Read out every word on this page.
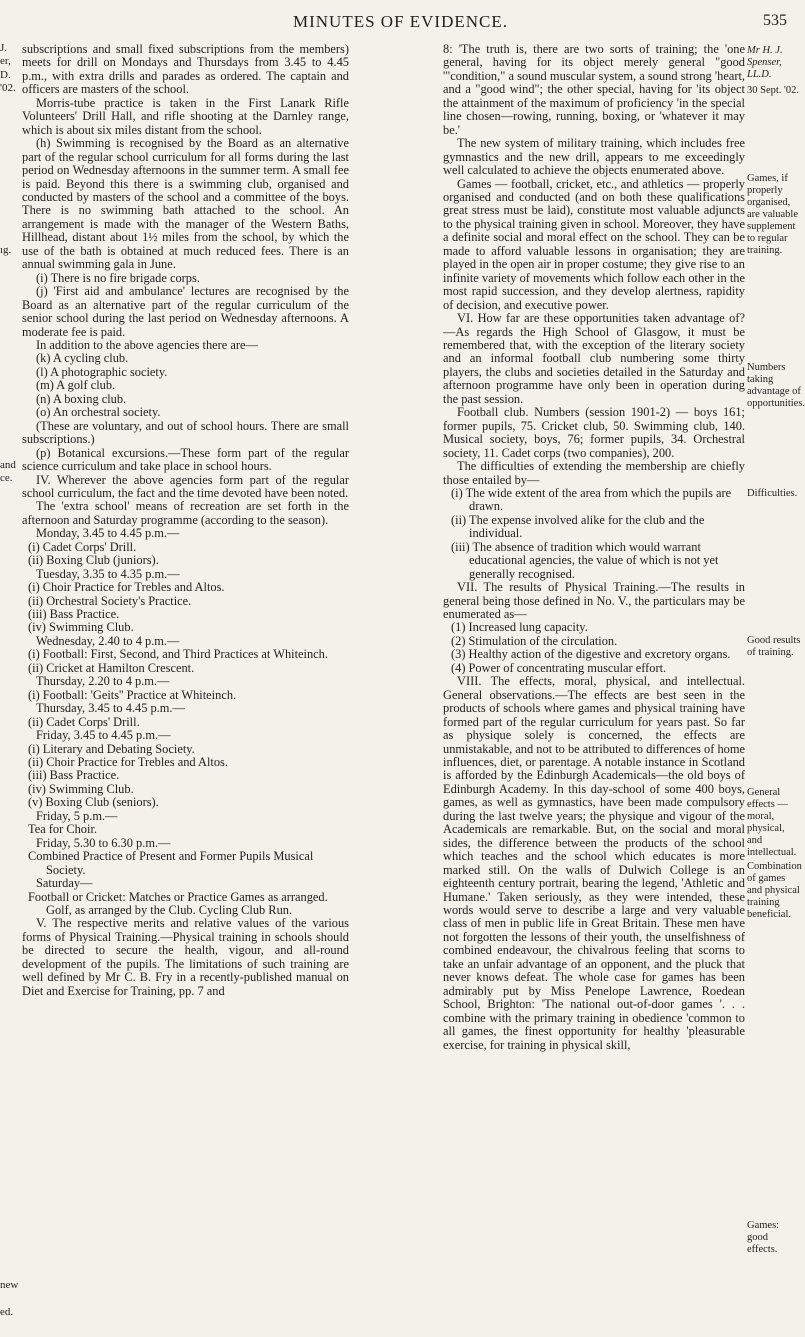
MINUTES OF EVIDENCE.	535
J.
er,
D.
'02.
ıg.
and
ce.
new
ed.

subscriptions and small fixed subscriptions from the members) meets for drill on Mondays and Thursdays from 3.45 to 4.45 p.m., with extra drills and parades as ordered. The captain and officers are masters of the school.

Morris-tube practice is taken in the First Lanark Rifle Volunteers' Drill Hall, and rifle shooting at the Darnley range, which is about six miles distant from the school.

(h) Swimming is recognised by the Board as an alternative part of the regular school curriculum for all forms during the last period on Wednesday afternoons in the summer term. A small fee is paid. Beyond this there is a swimming club, organised and conducted by masters of the school and a committee of the boys. There is no swimming bath attached to the school. An arrangement is made with the manager of the Western Baths, Hillhead, distant about 1½ miles from the school, by which the use of the bath is obtained at much reduced fees. There is an annual swimming gala in June.

(i) There is no fire brigade corps.

(j) 'First aid and ambulance' lectures are recognised by the Board as an alternative part of the regular curriculum of the senior school during the last period on Wednesday afternoons. A moderate fee is paid.

In addition to the above agencies there are—

(k) A cycling club.

(l) A photographic society.

(m) A golf club.

(n) A boxing club.

(o) An orchestral society.

(These are voluntary, and out of school hours. There are small subscriptions.)

(p) Botanical excursions.—These form part of the regular science curriculum and take place in school hours.

IV. Wherever the above agencies form part of the regular school curriculum, the fact and the time devoted have been noted.

The 'extra school' means of recreation are set forth in the afternoon and Saturday programme (according to the season).

Monday, 3.45 to 4.45 p.m.—

(i) Cadet Corps' Drill.

(ii) Boxing Club (juniors).

Tuesday, 3.35 to 4.35 p.m.—

(i) Choir Practice for Trebles and Altos.

(ii) Orchestral Society's Practice.

(iii) Bass Practice.

(iv) Swimming Club.

Wednesday, 2.40 to 4 p.m.—

(i) Football: First, Second, and Third Practices at Whiteinch.

(ii) Cricket at Hamilton Crescent.

Thursday, 2.20 to 4 p.m.—

(i) Football: 'Geits'' Practice at Whiteinch.

Thursday, 3.45 to 4.45 p.m.—

(ii) Cadet Corps' Drill.

Friday, 3.45 to 4.45 p.m.—

(i) Literary and Debating Society.

(ii) Choir Practice for Trebles and Altos.

(iii) Bass Practice.

(iv) Swimming Club.

(v) Boxing Club (seniors).

Friday, 5 p.m.—

Tea for Choir.

Friday, 5.30 to 6.30 p.m.—

Combined Practice of Present and Former Pupils Musical Society.

Saturday—

Football or Cricket: Matches or Practice Games as arranged. Golf, as arranged by the Club. Cycling Club Run.

V. The respective merits and relative values of the various forms of Physical Training.—Physical training in schools should be directed to secure the health, vigour, and all-round development of the pupils. The limitations of such training are well defined by Mr C. B. Fry in a recently-published manual on Diet and Exercise for Training, pp. 7 and

8: 'The truth is, there are two sorts of training; the 'one general, having for its object merely general "good '"condition," a sound muscular system, a sound strong 'heart, and a "good wind"; the other special, having for 'its object the attainment of the maximum of proficiency 'in the special line chosen—rowing, running, boxing, or 'whatever it may be.'

The new system of military training, which includes free gymnastics and the new drill, appears to me exceedingly well calculated to achieve the objects enumerated above.

Games — football, cricket, etc., and athletics — properly organised and conducted (and on both these qualifications great stress must be laid), constitute most valuable adjuncts to the physical training given in school. Moreover, they have a definite social and moral effect on the school. They can be made to afford valuable lessons in organisation; they are played in the open air in proper costume; they give rise to an infinite variety of movements which follow each other in the most rapid succession, and they develop alertness, rapidity of decision, and executive power.

VI. How far are these opportunities taken advantage of?—As regards the High School of Glasgow, it must be remembered that, with the exception of the literary society and an informal football club numbering some thirty players, the clubs and societies detailed in the Saturday and afternoon programme have only been in operation during the past session.

Football club. Numbers (session 1901-2) — boys 161; former pupils, 75. Cricket club, 50. Swimming club, 140. Musical society, boys, 76; former pupils, 34. Orchestral society, 11. Cadet corps (two companies), 200.

The difficulties of extending the membership are chiefly those entailed by—

(i) The wide extent of the area from which the pupils are drawn.

(ii) The expense involved alike for the club and the individual.

(iii) The absence of tradition which would warrant educational agencies, the value of which is not yet generally recognised.

VII. The results of Physical Training.—The results in general being those defined in No. V., the particulars may be enumerated as—

(1) Increased lung capacity.

(2) Stimulation of the circulation.

(3) Healthy action of the digestive and excretory organs.

(4) Power of concentrating muscular effort.

VIII. The effects, moral, physical, and intellectual. General observations.—The effects are best seen in the products of schools where games and physical training have formed part of the regular curriculum for years past. So far as physique solely is concerned, the effects are unmistakable, and not to be attributed to differences of home influences, diet, or parentage. A notable instance in Scotland is afforded by the Edinburgh Academicals—the old boys of Edinburgh Academy. In this day-school of some 400 boys, games, as well as gymnastics, have been made compulsory during the last twelve years; the physique and vigour of the Academicals are remarkable. But, on the social and moral sides, the difference between the products of the school which teaches and the school which educates is more marked still. On the walls of Dulwich College is an eighteenth century portrait, bearing the legend, 'Athletic and Humane.' Taken seriously, as they were intended, these words would serve to describe a large and very valuable class of men in public life in Great Britain. These men have not forgotten the lessons of their youth, the unselfishness of combined endeavour, the chivalrous feeling that scorns to take an unfair advantage of an opponent, and the pluck that never knows defeat. The whole case for games has been admirably put by Miss Penelope Lawrence, Roedean School, Brighton: 'The national out-of-door games '. . . combine with the primary training in obedience 'common to all games, the finest opportunity for healthy 'pleasurable exercise, for training in physical skill,

Mr H. J. Spenser, LL.D.
30 Sept. '02.
Games, if properly organised, are valuable supplement to regular training.
Numbers taking advantage of opportunities.
Difficulties.
Good results of training.
General effects —moral, physical, and intellectual.
Combination of games and physical training beneficial.
Games: good effects.
